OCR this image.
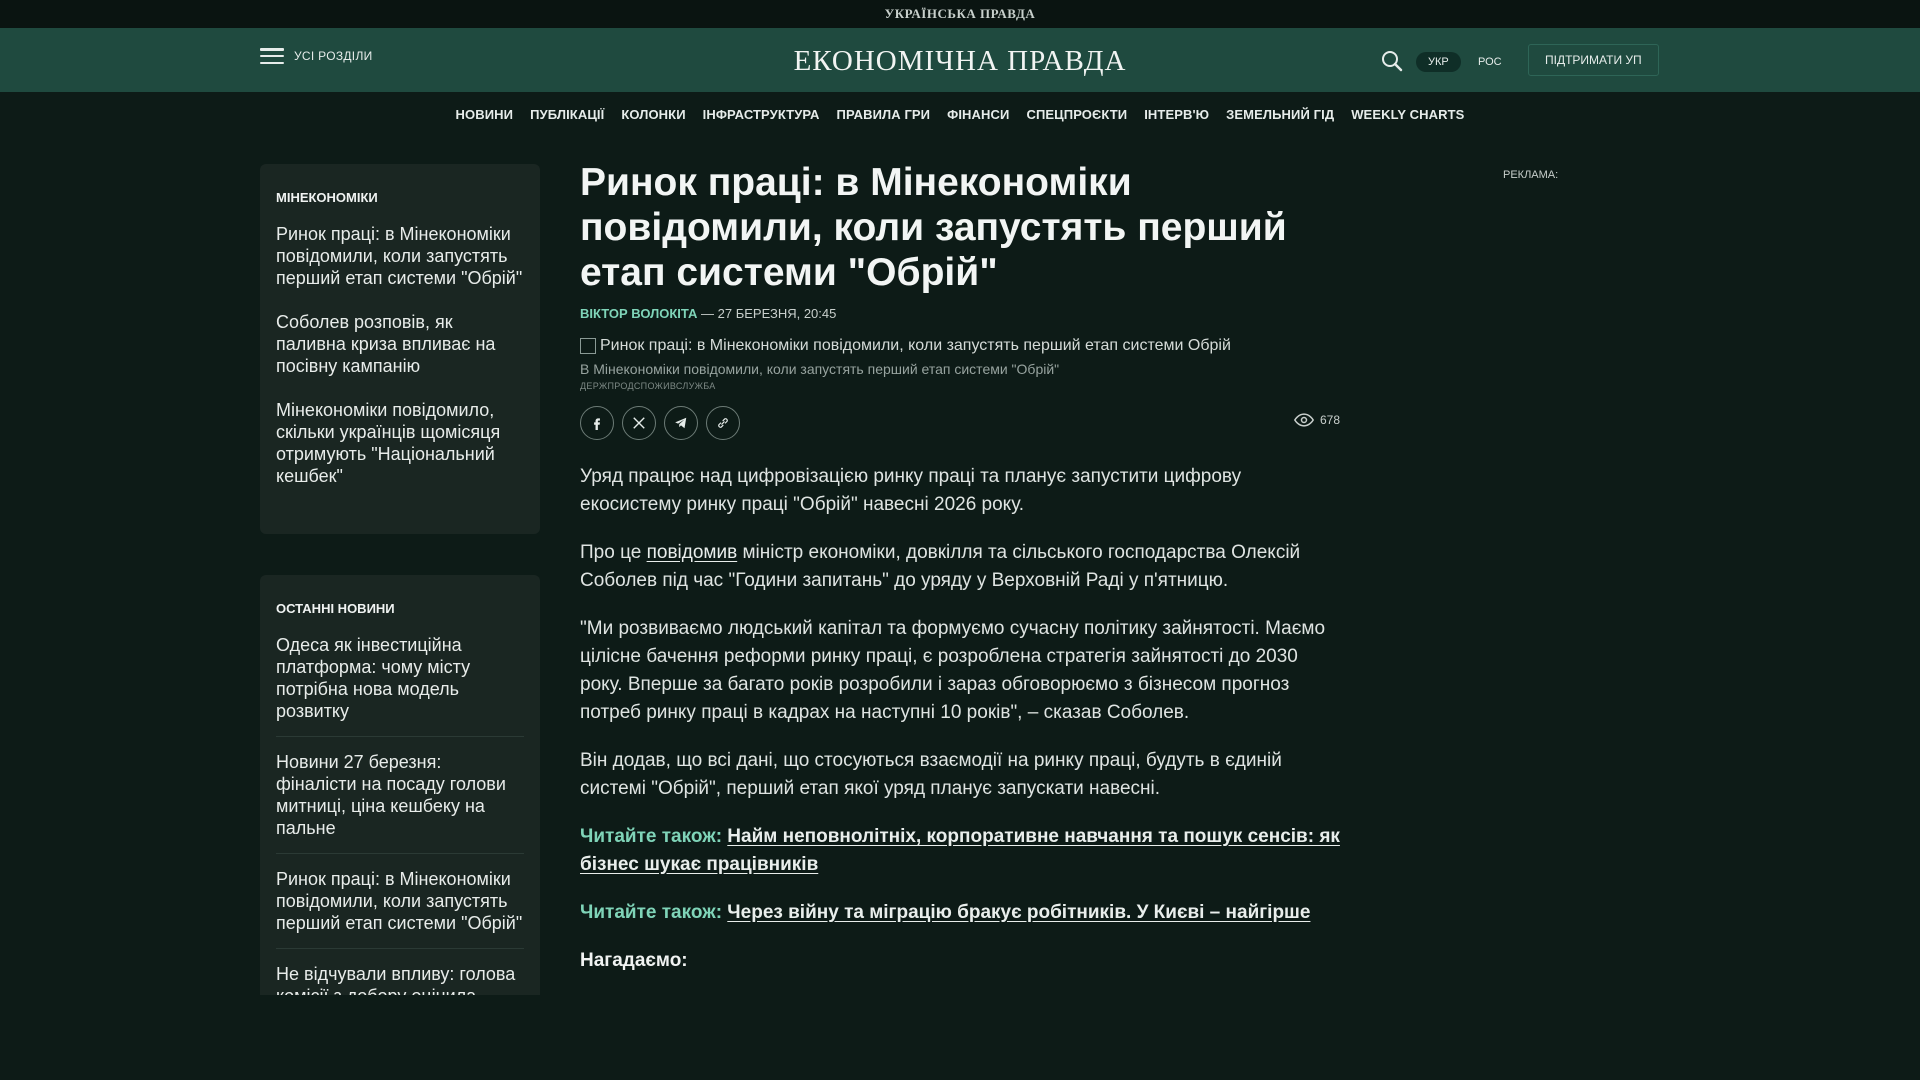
УКРАЇНСЬКА ПРАВДА
УСІ РОЗДІЛИ	ЕКОНОМІЧНА ПРАВДА	УКР	РОС	ПІДТРИМАТИ УП
НОВИНИ ПУБЛІКАЦІЇ КОЛОНКИ ІНФРАСТРУКТУРА ПРАВИЛА ГРИ ФІНАНСИ СПЕЦПРОЄКТИ ІНТЕРВ'Ю ЗЕМЕЛЬНИЙ ГІД WEEKLY CHARTS
МІНЕКОНОМІКИ
Ринок праці: в Мінекономіки повідомили, коли запустять перший етап системи "Обрій"
Соболев розповів, як паливна криза впливає на посівну кампанію
Мінекономіки повідомило, скільки українців щомісяця отримують "Національний кешбек"
ОСТАННІ НОВИНИ
Одеса як інвестиційна платформа: чому місту потрібна нова модель розвитку
Новини 27 березня: фіналісти на посаду голови митниці, ціна кешбеку на пальне
Ринок праці: в Мінекономіки повідомили, коли запустять перший етап системи "Обрій"
Не відчували впливу: голова
Ринок праці: в Мінекономіки повідомили, коли запустять перший етап системи "Обрій"
ВІКТОР ВОЛОКІТА — 27 БЕРЕЗНЯ, 20:45
Ринок праці: в Мінекономіки повідомили, коли запустять перший етап системи Обрій
В Мінекономіки повідомили, коли запустять перший етап системи "Обрій"
ДЕРЖПРОДСПОЖИВСЛУЖБА
678

Уряд працює над цифровізацією ринку праці та планує запустити цифрову екосистему ринку праці "Обрій" навесні 2026 року.

Про це повідомив міністр економіки, довкілля та сільського господарства Олексій Соболев під час "Години запитань" до уряду у Верховній Раді у п'ятницю.

"Ми розвиваємо людський капітал та формуємо сучасну політику зайнятості. Маємо цілісне бачення реформи ринку праці, є розроблена стратегія зайнятості до 2030 року. Вперше за багато років розробили і зараз обговорюємо з бізнесом прогноз потреб ринку праці в кадрах на наступні 10 років", – сказав Соболев.

Він додав, що всі дані, що стосуються взаємодії на ринку праці, будуть в єдиній системі "Обрій", перший етап якої уряд планує запускати навесні.

Читайте також: Найм неповнолітніх, корпоративне навчання та пошук сенсів: як бізнес шукає працівників

Читайте також: Через війну та міграцію бракує робітників. У Києві – найгірше

Нагадаємо:

РЕКЛАМА:
